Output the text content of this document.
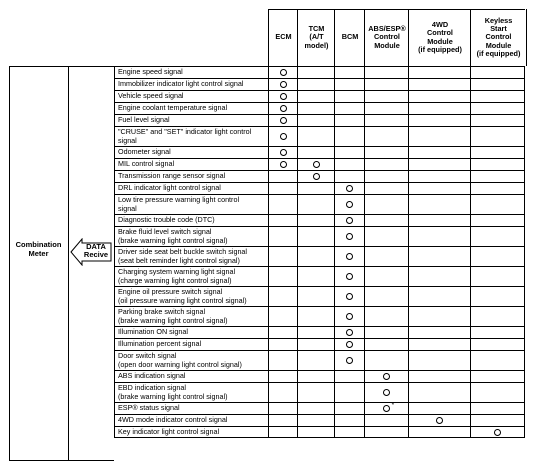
ECM
TCM
(A/T
model)
BCM
ABS/ESP®
Control
Module
4WD
Control
Module
(if equipped)
Keyless
Start
Control
Module
(if equipped)
Combination
Meter
DATA
Recive
Engine speed signal
Immobilizer indicator light control signal
Vehicle speed signal
Engine coolant temperature signal
Fuel level signal
"CRUSE" and "SET" indicator light control
signal
Odometer signal
MIL control signal
Transmission range sensor signal
DRL indicator light control signal
Low tire pressure warning light control
signal
Diagnostic trouble code (DTC)
Brake fluid level switch signal
(brake warning light control signal)
Driver side seat belt buckle switch signal
(seat belt reminder light control signal)
Charging system warning light signal
(charge warning light control signal)
Engine oil pressure switch signal
(oil pressure warning light control signal)
Parking brake switch signal
(brake warning light control signal)
Illumination ON signal
Illumination percent signal
Door switch signal
(open door warning light control signal)
ABS indication signal
EBD indication signal
(brake warning light control signal)
ESP® status signal	*
4WD mode indicator control signal
Key indicator light control signal
